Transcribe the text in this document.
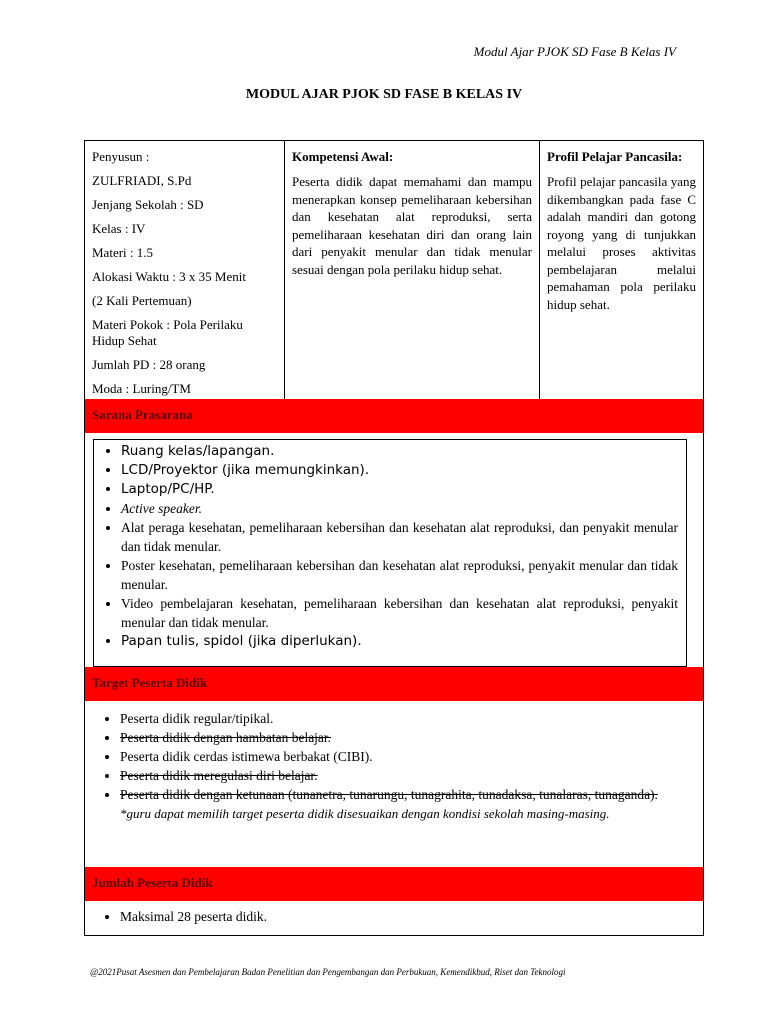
Modul Ajar PJOK SD Fase B Kelas IV
MODUL AJAR PJOK SD FASE B KELAS IV

Penyusun :

ZULFRIADI, S.Pd

Jenjang Sekolah : SD

Kelas : IV

Materi : 1.5

Alokasi Waktu : 3 x 35 Menit

(2 Kali Pertemuan)

Materi Pokok : Pola Perilaku Hidup Sehat

Jumlah PD : 28 orang

Moda : Luring/TM

Kompetensi Awal:
Peserta didik dapat memahami dan mampu menerapkan konsep pemeliharaan kebersihan dan kesehatan alat reproduksi, serta pemeliharaan kesehatan diri dan orang lain dari penyakit menular dan tidak menular sesuai dengan pola perilaku hidup sehat.
Profil Pelajar Pancasila:
Profil pelajar pancasila yang dikembangkan pada fase C adalah mandiri dan gotong royong yang di tunjukkan melalui proses aktivitas pembelajaran melalui pemahaman pola perilaku hidup sehat.
Sarana Prasarana
• Ruang kelas/lapangan.
• LCD/Proyektor (jika memungkinkan).
• Laptop/PC/HP.
• Active speaker.
• Alat peraga kesehatan, pemeliharaan kebersihan dan kesehatan alat reproduksi, dan penyakit menular dan tidak menular.
• Poster kesehatan, pemeliharaan kebersihan dan kesehatan alat reproduksi, penyakit menular dan tidak menular.
• Video pembelajaran kesehatan, pemeliharaan kebersihan dan kesehatan alat reproduksi, penyakit menular dan tidak menular.
• Papan tulis, spidol (jika diperlukan).
Target Peserta Didik
• Peserta didik regular/tipikal.
• Peserta didik dengan hambatan belajar.
• Peserta didik cerdas istimewa berbakat (CIBI).
• Peserta didik meregulasi diri belajar.
• Peserta didik dengan ketunaan (tunanetra, tunarungu, tunagrahita, tunadaksa, tunalaras, tunaganda).
*guru dapat memilih target peserta didik disesuaikan dengan kondisi sekolah masing-masing.
Jumlah Peserta Didik
• Maksimal 28 peserta didik.
@2021Pusat Asesmen dan Pembelajaran Badan Penelitian dan Pengembangan dan Perbukuan, Kemendikbud, Riset dan Teknologi
